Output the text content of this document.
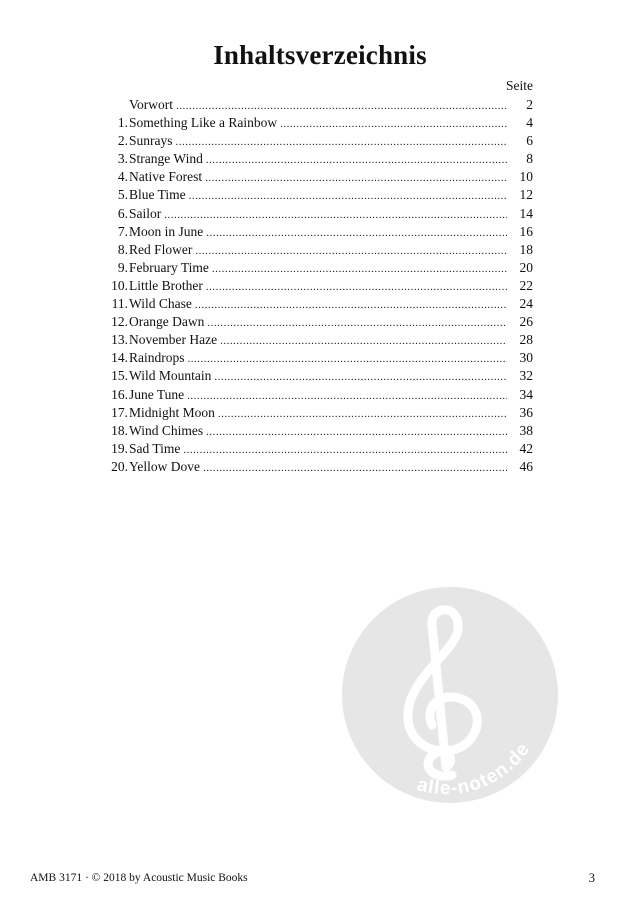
Inhaltsverzeichnis
Seite
Vorwort .....	2
1. Something Like a Rainbow .....	4
2. Sunrays .....	6
3. Strange Wind .....	8
4. Native Forest .....	10
5. Blue Time .....	12
6. Sailor .....	14
7. Moon in June .....	16
8. Red Flower .....	18
9. February Time .....	20
10. Little Brother .....	22
11. Wild Chase .....	24
12. Orange Dawn .....	26
13. November Haze .....	28
14. Raindrops .....	30
15. Wild Mountain .....	32
16. June Tune .....	34
17. Midnight Moon .....	36
18. Wind Chimes .....	38
19. Sad Time .....	42
20. Yellow Dove .....	46
AMB 3171 · © 2018 by Acoustic Music Books	3
alle-noten.de
